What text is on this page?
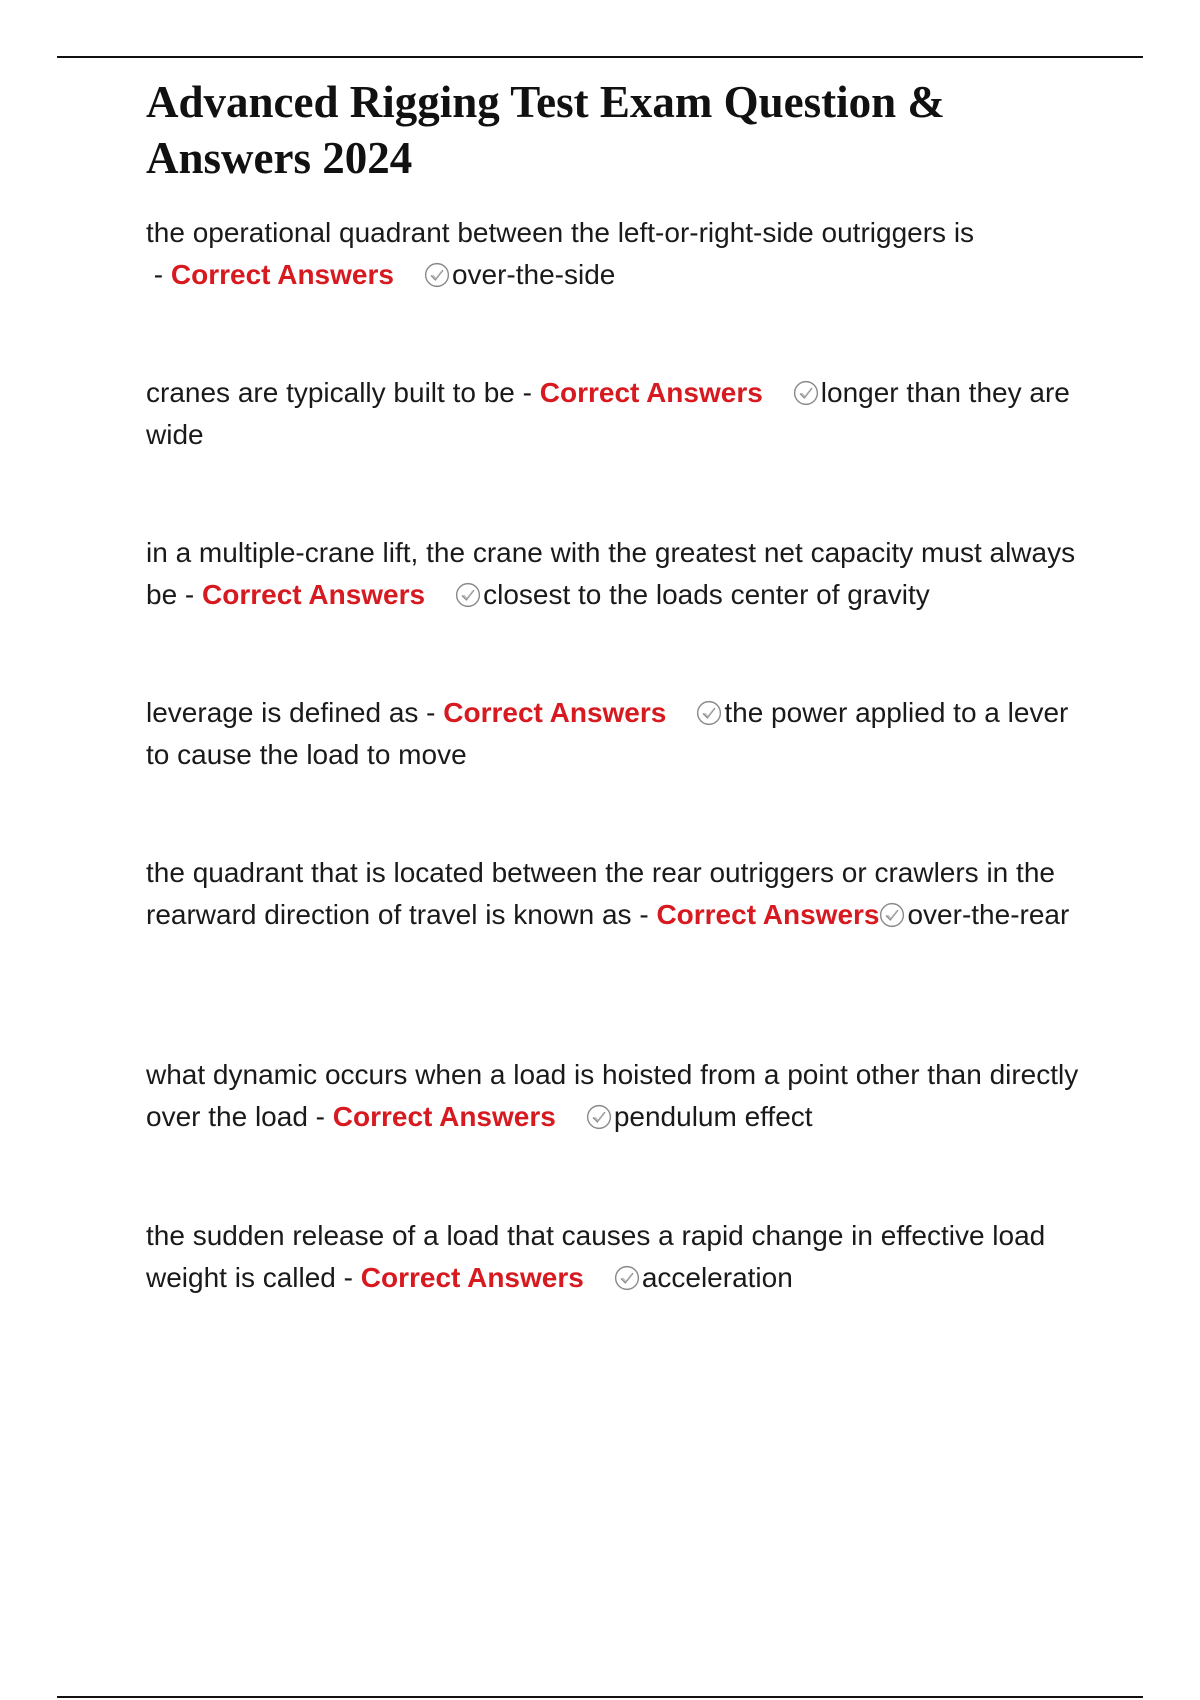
Advanced Rigging Test Exam Question & Answers 2024

the operational quadrant between the left-or-right-side outriggers is - Correct Answers over-the-side

cranes are typically built to be - Correct Answers longer than they are wide

in a multiple-crane lift, the crane with the greatest net capacity must always be - Correct Answers closest to the loads center of gravity

leverage is defined as - Correct Answers the power applied to a lever to cause the load to move

the quadrant that is located between the rear outriggers or crawlers in the rearward direction of travel is known as - Correct Answers over-the-rear

what dynamic occurs when a load is hoisted from a point other than directly over the load - Correct Answers pendulum effect

the sudden release of a load that causes a rapid change in effective load weight is called - Correct Answers acceleration
